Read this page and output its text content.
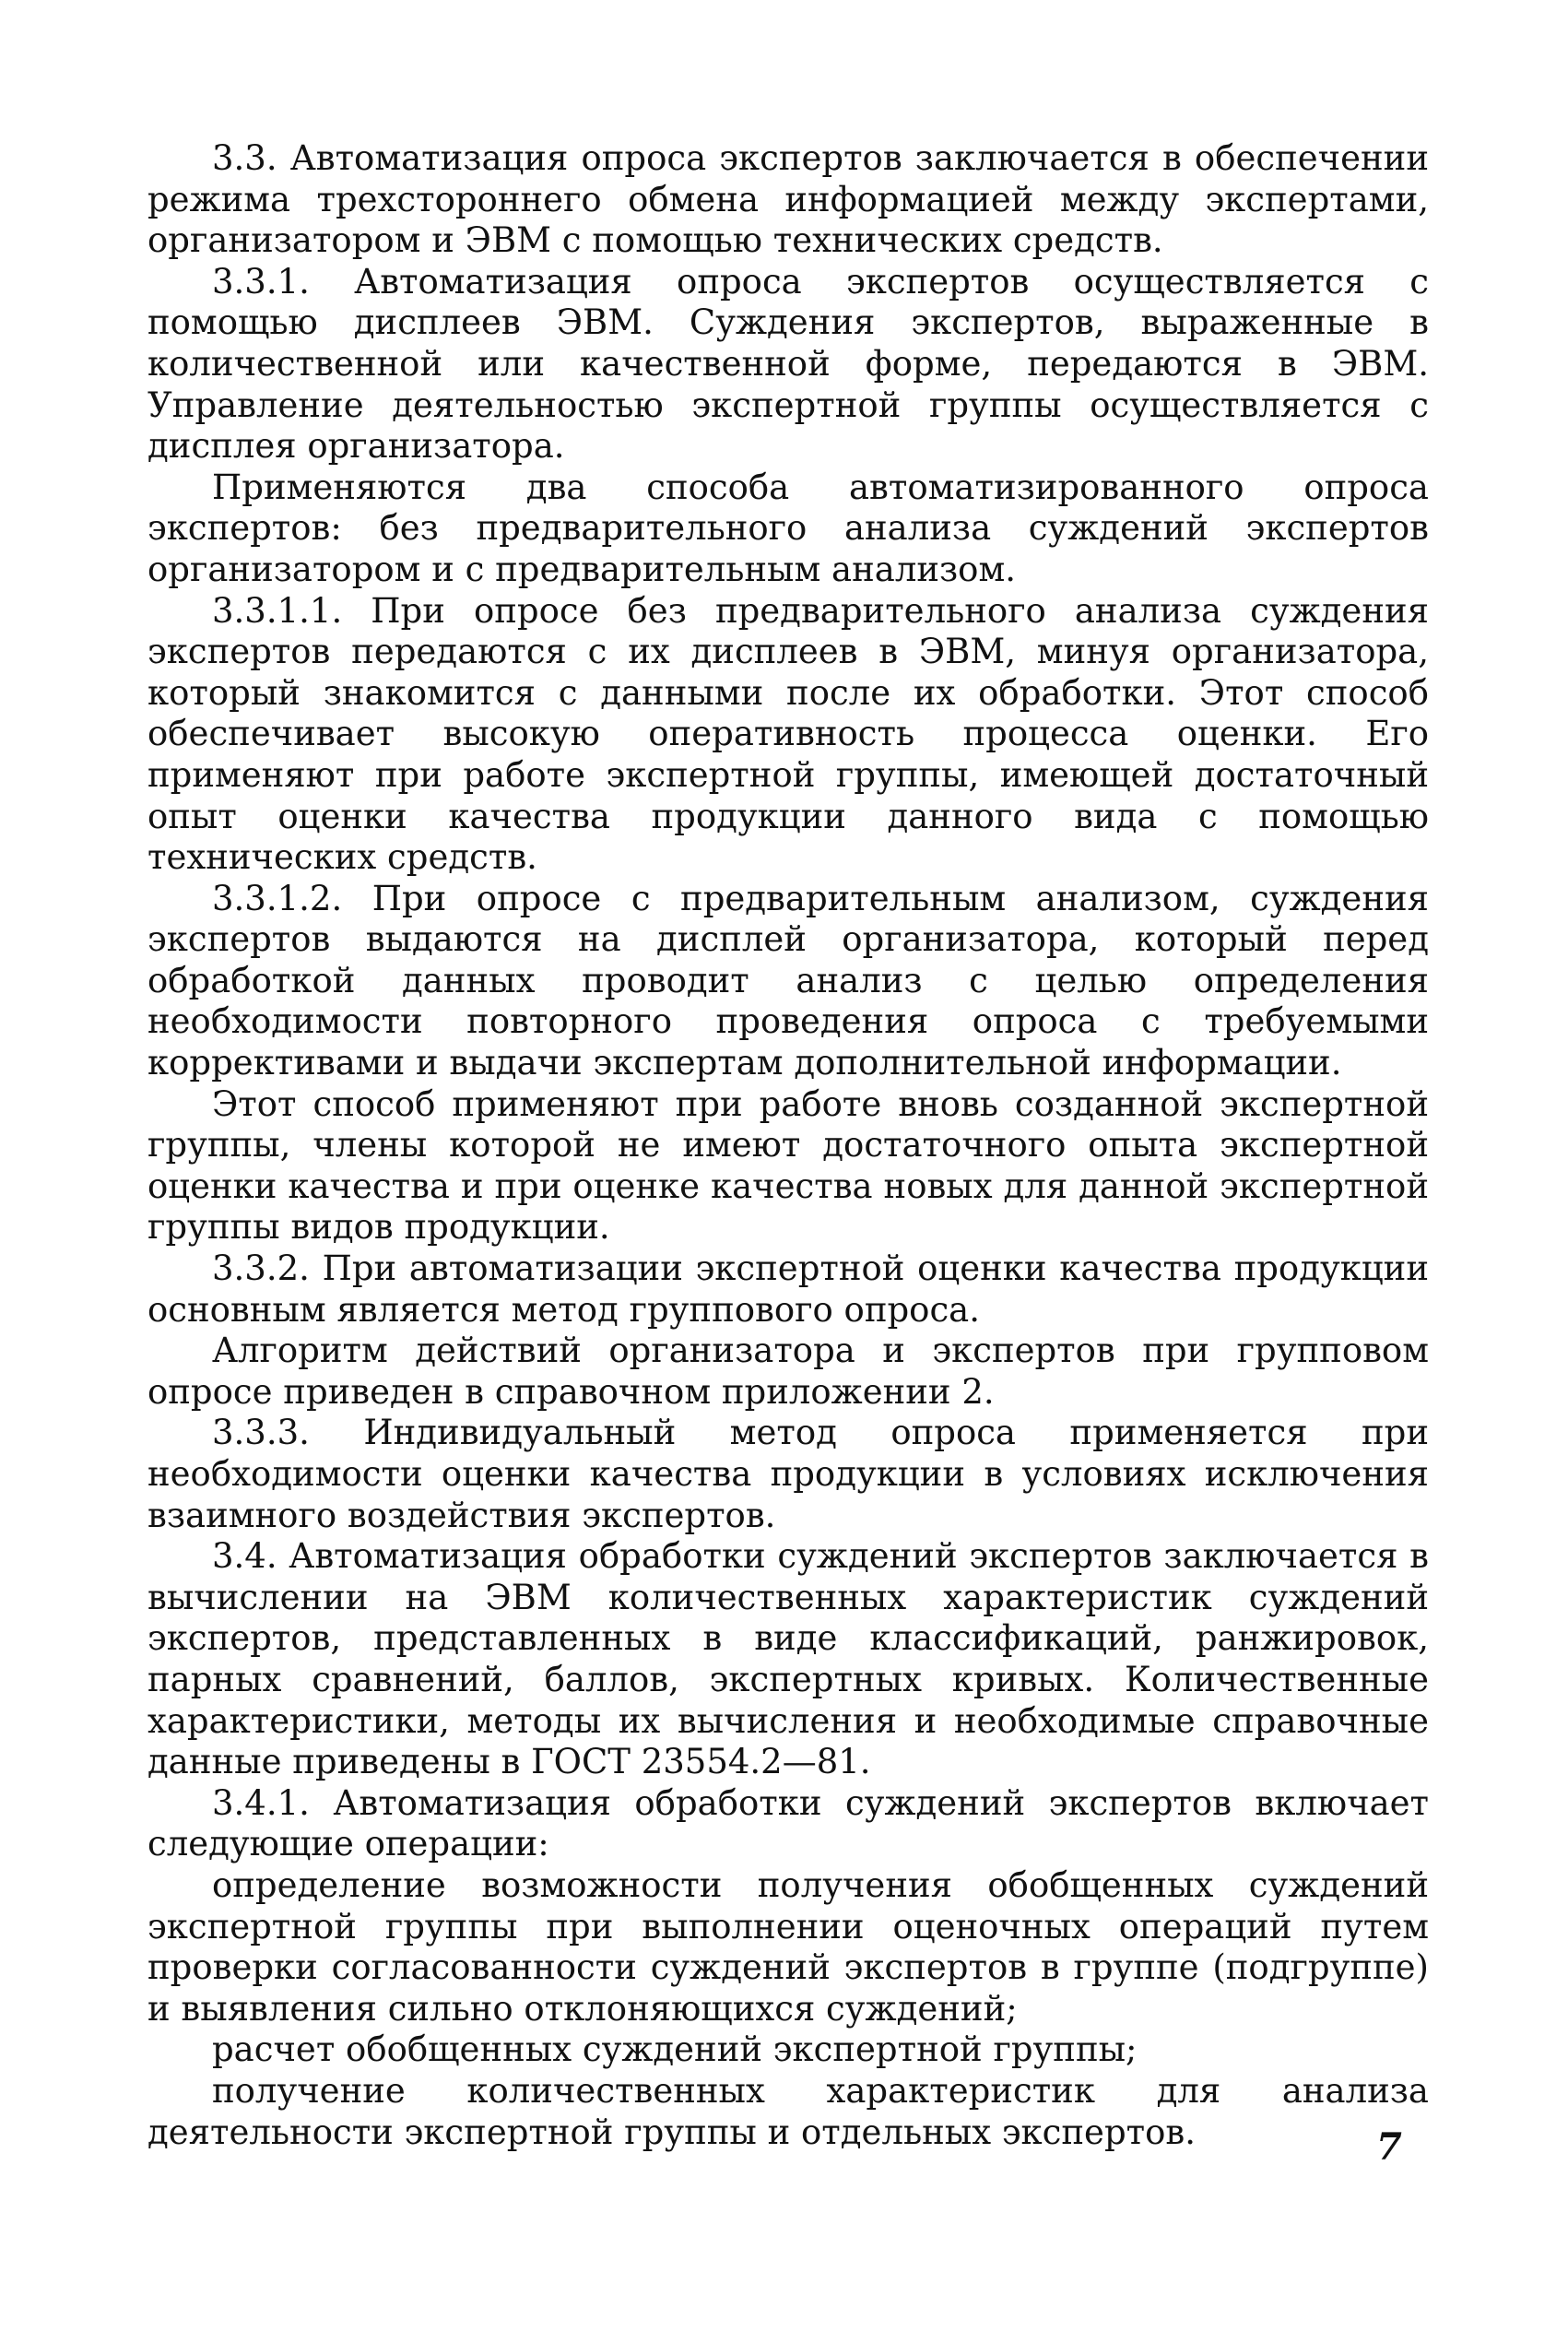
3.3. Автоматизация опроса экспертов заключается в обеспечении режима трехстороннего обмена информацией между экспертами, организатором и ЭВМ с помощью технических средств.

3.3.1. Автоматизация опроса экспертов осуществляется с помощью дисплеев ЭВМ. Суждения экспертов, выраженные в количественной или качественной форме, передаются в ЭВМ. Управление деятельностью экспертной группы осуществляется с дисплея организатора.

Применяются два способа автоматизированного опроса экспертов: без предварительного анализа суждений экспертов организатором и с предварительным анализом.

3.3.1.1. При опросе без предварительного анализа суждения экспертов передаются с их дисплеев в ЭВМ, минуя организатора, который знакомится с данными после их обработки. Этот способ обеспечивает высокую оперативность процесса оценки. Его применяют при работе экспертной группы, имеющей достаточный опыт оценки качества продукции данного вида с помощью технических средств.

3.3.1.2. При опросе с предварительным анализом, суждения экспертов выдаются на дисплей организатора, который перед обработкой данных проводит анализ с целью определения необходимости повторного проведения опроса с требуемыми коррективами и выдачи экспертам дополнительной информации.

Этот способ применяют при работе вновь созданной экспертной группы, члены которой не имеют достаточного опыта экспертной оценки качества и при оценке качества новых для данной экспертной группы видов продукции.

3.3.2. При автоматизации экспертной оценки качества продукции основным является метод группового опроса.

Алгоритм действий организатора и экспертов при групповом опросе приведен в справочном приложении 2.

3.3.3. Индивидуальный метод опроса применяется при необходимости оценки качества продукции в условиях исключения взаимного воздействия экспертов.

3.4. Автоматизация обработки суждений экспертов заключается в вычислении на ЭВМ количественных характеристик суждений экспертов, представленных в виде классификаций, ранжировок, парных сравнений, баллов, экспертных кривых. Количественные характеристики, методы их вычисления и необходимые справочные данные приведены в ГОСТ 23554.2—81.

3.4.1. Автоматизация обработки суждений экспертов включает следующие операции:

определение возможности получения обобщенных суждений экспертной группы при выполнении оценочных операций путем проверки согласованности суждений экспертов в группе (подгруппе) и выявления сильно отклоняющихся суждений;

расчет обобщенных суждений экспертной группы;

получение количественных характеристик для анализа деятельности экспертной группы и отдельных экспертов.	7
